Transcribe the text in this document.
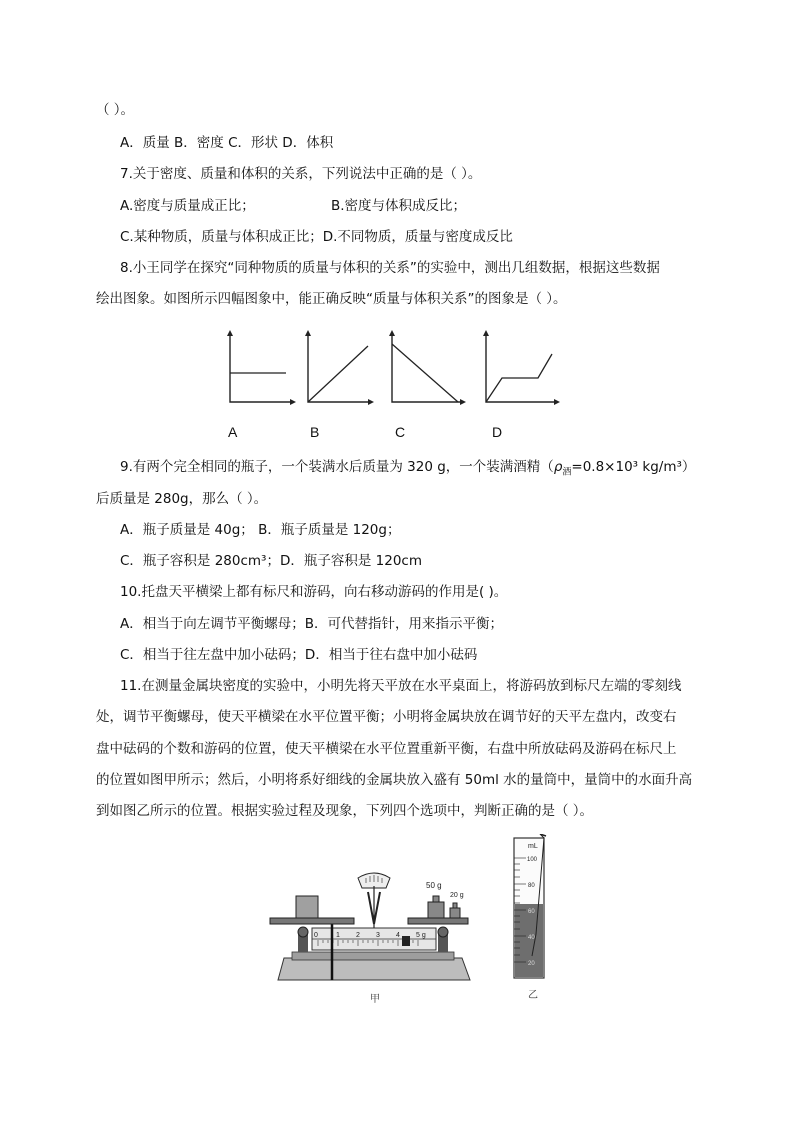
（ ）。
A．质量 B．密度 C．形状 D．体积
7.关于密度、质量和体积的关系，下列说法中正确的是（ ）。
A.密度与质量成正比；	B.密度与体积成反比；
C.某种物质，质量与体积成正比；D.不同物质，质量与密度成反比
8.小王同学在探究“同种物质的质量与体积的关系”的实验中，测出几组数据，根据这些数据
绘出图象。如图所示四幅图象中，能正确反映“质量与体积关系”的图象是（ ）。
A	B	C	D
9.有两个完全相同的瓶子，一个装满水后质量为 320 g，一个装满酒精（$\rho_酒=0.8\times 10^3$ kg/m³）
后质量是 280g，那么（ ）。
A．瓶子质量是 40g； B．瓶子质量是 120g；
C．瓶子容积是 280cm³；D．瓶子容积是 120cm
10.托盘天平横梁上都有标尺和游码，向右移动游码的作用是( )。
A．相当于向左调节平衡螺母；B．可代替指针，用来指示平衡；
C．相当于往左盘中加小砝码；D．相当于往右盘中加小砝码
11.在测量金属块密度的实验中，小明先将天平放在水平桌面上，将游码放到标尺左端的零刻线
处，调节平衡螺母，使天平横梁在水平位置平衡；小明将金属块放在调节好的天平左盘内，改变右
盘中砝码的个数和游码的位置，使天平横梁在水平位置重新平衡，右盘中所放砝码及游码在标尺上
的位置如图甲所示；然后，小明将系好细线的金属块放入盛有 50ml 水的量筒中，量筒中的水面升高
到如图乙所示的位置。根据实验过程及现象，下列四个选项中，判断正确的是（ ）。
0	1 2 3 4 5 g
50 g
20 g
甲
mL
100
80
60
40
20
乙
